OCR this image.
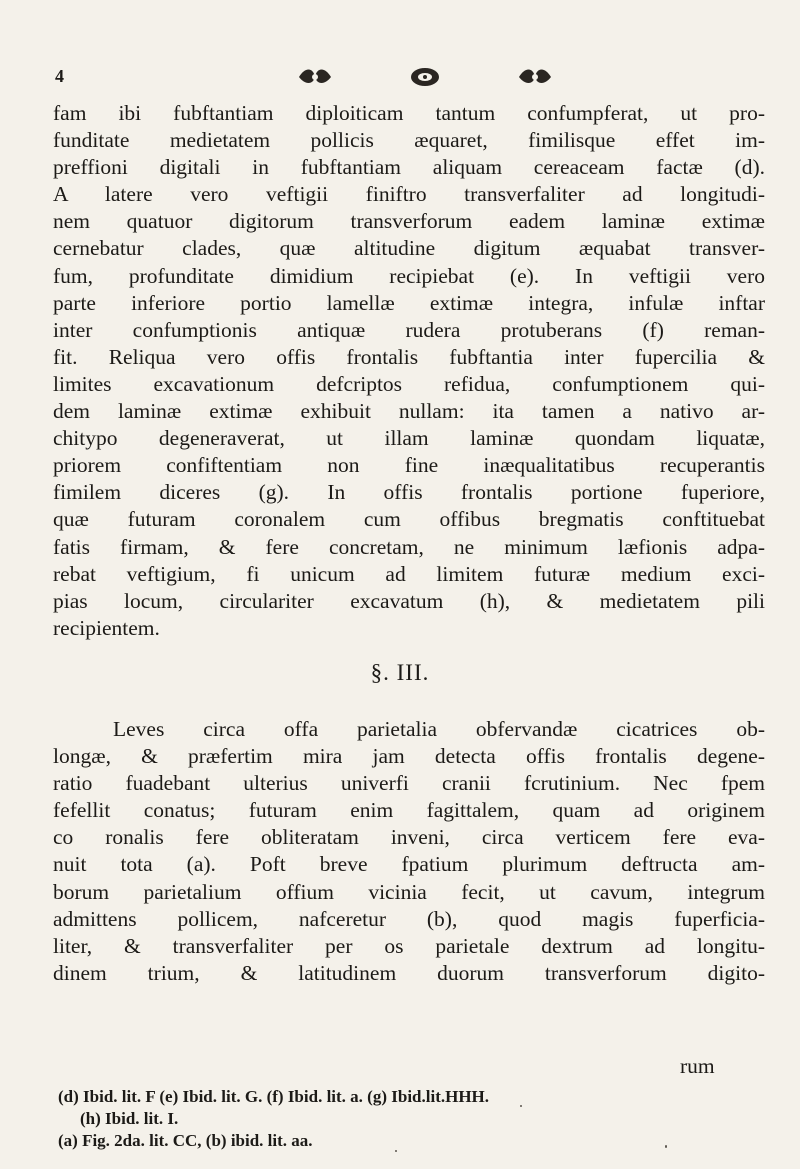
4
fam ibi fubftantiam diploiticam tantum confumpferat, ut pro-
funditate medietatem pollicis æquaret, fimilisque effet im-
preffioni digitali in fubftantiam aliquam cereaceam factæ (d).
A latere vero veftigii finiftro transverfaliter ad longitudi-
nem quatuor digitorum transverforum eadem laminæ extimæ
cernebatur clades, quæ altitudine digitum æquabat transver-
fum, profunditate dimidium recipiebat (e). In veftigii vero
parte inferiore portio lamellæ extimæ integra, infulæ inftar
inter confumptionis antiquæ rudera protuberans (f) reman-
fit. Reliqua vero offis frontalis fubftantia inter fupercilia &
limites excavationum defcriptos refidua, confumptionem qui-
dem laminæ extimæ exhibuit nullam: ita tamen a nativo ar-
chitypo degeneraverat, ut illam laminæ quondam liquatæ,
priorem confiftentiam non fine inæqualitatibus recuperantis
fimilem diceres (g). In offis frontalis portione fuperiore,
quæ futuram coronalem cum offibus bregmatis conftituebat
fatis firmam, & fere concretam, ne minimum læfionis adpa-
rebat veftigium, fi unicum ad limitem futuræ medium exci-
pias locum, circulariter excavatum (h), & medietatem pili
recipientem.
§. III.
Leves circa offa parietalia obfervandæ cicatrices ob-
longæ, & præfertim mira jam detecta offis frontalis degene-
ratio fuadebant ulterius univerfi cranii fcrutinium. Nec fpem
fefellit conatus; futuram enim fagittalem, quam ad originem
co ronalis fere obliteratam inveni, circa verticem fere eva-
nuit tota (a). Poft breve fpatium plurimum deftructa am-
borum parietalium offium vicinia fecit, ut cavum, integrum
admittens pollicem, nafceretur (b), quod magis fuperficia-
liter, & transverfaliter per os parietale dextrum ad longitu-
dinem trium, & latitudinem duorum transverforum digito-
rum
(d) Ibid. lit. F (e) Ibid. lit. G. (f) Ibid. lit. a. (g) Ibid.lit.HHH.
(h) Ibid. lit. I.
(a) Fig. 2da. lit. CC, (b) ibid. lit. aa.
